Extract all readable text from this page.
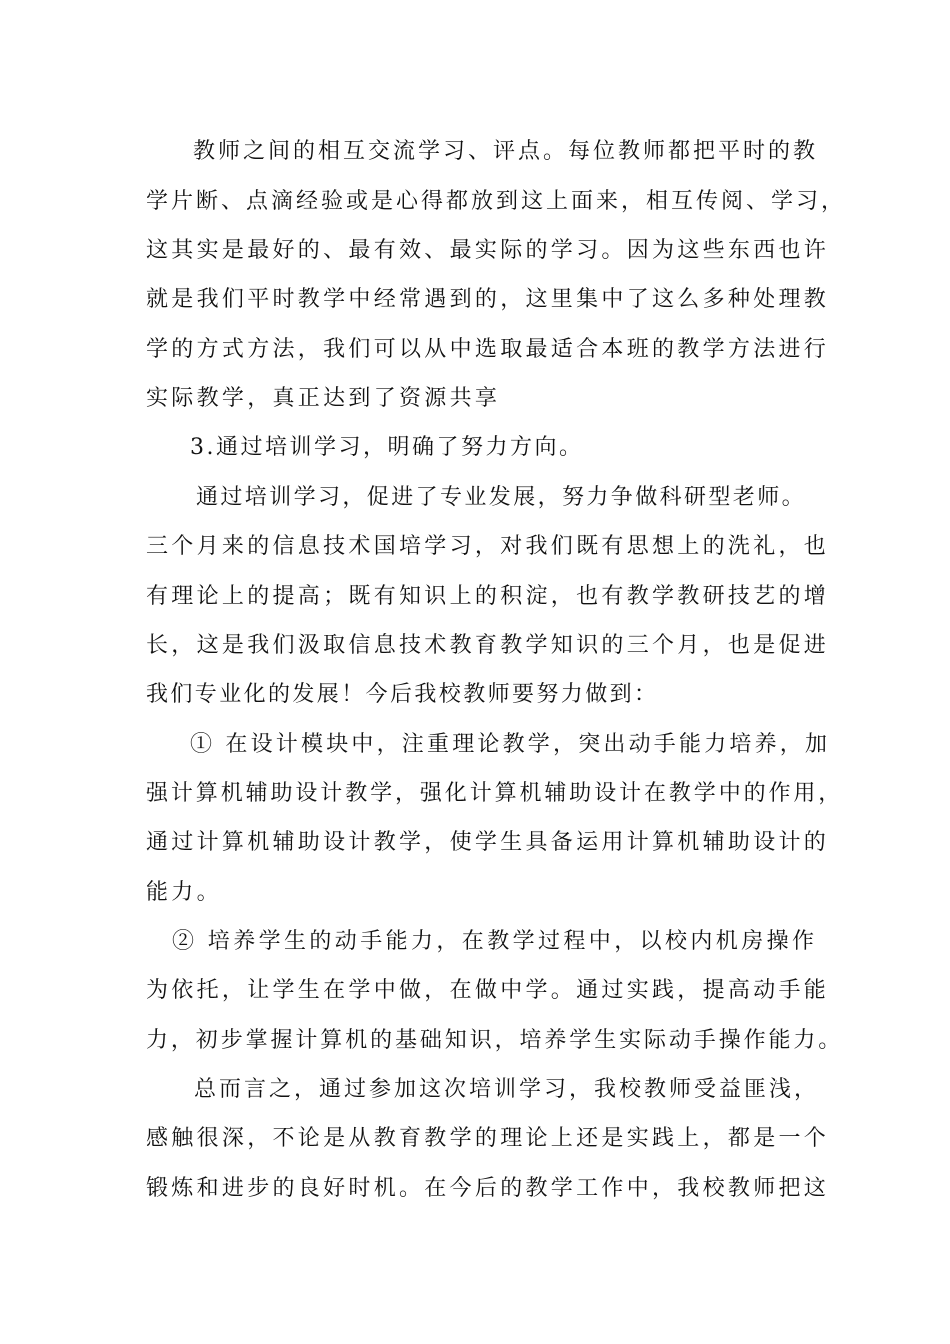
教师之间的相互交流学习、评点。每位教师都把平时的教
学片断、点滴经验或是心得都放到这上面来，相互传阅、学习，
这其实是最好的、最有效、最实际的学习。因为这些东西也许
就是我们平时教学中经常遇到的，这里集中了这么多种处理教
学的方式方法，我们可以从中选取最适合本班的教学方法进行
实际教学，真正达到了资源共享
3.通过培训学习，明确了努力方向。
通过培训学习，促进了专业发展，努力争做科研型老师。
三个月来的信息技术国培学习，对我们既有思想上的洗礼，也
有理论上的提高；既有知识上的积淀，也有教学教研技艺的增
长，这是我们汲取信息技术教育教学知识的三个月，也是促进
我们专业化的发展！今后我校教师要努力做到：
① 在设计模块中，注重理论教学，突出动手能力培养，加
强计算机辅助设计教学，强化计算机辅助设计在教学中的作用，
通过计算机辅助设计教学，使学生具备运用计算机辅助设计的
能力。
② 培养学生的动手能力，在教学过程中，以校内机房操作
为依托，让学生在学中做，在做中学。通过实践，提高动手能
力，初步掌握计算机的基础知识，培养学生实际动手操作能力。
总而言之，通过参加这次培训学习，我校教师受益匪浅，
感触很深，不论是从教育教学的理论上还是实践上，都是一个
锻炼和进步的良好时机。在今后的教学工作中，我校教师把这
